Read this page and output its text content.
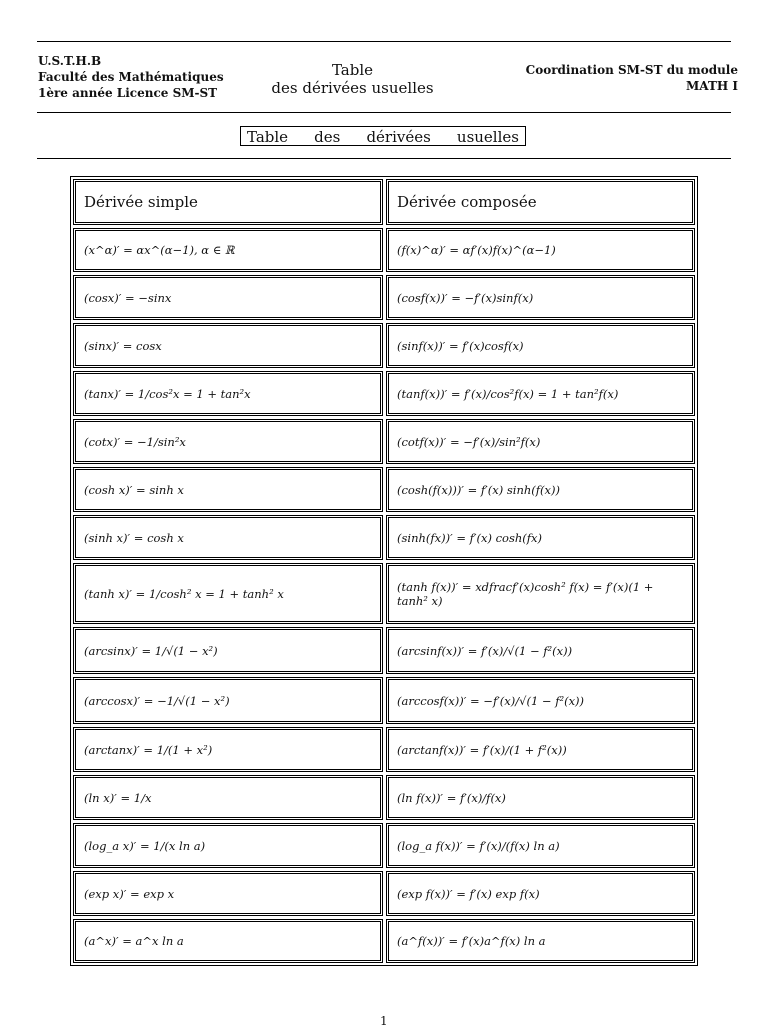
U.S.T.H.B
Faculté des Mathématiques
1ère année Licence SM-ST
Table
des dérivées usuelles
Coordination SM-ST du module
MATH I
Table des dérivées usuelles
Dérivée simple	Dérivée composée
(x^α)′ = αx^(α−1), α ∈ ℝ	(f(x)^α)′ = αf′(x)f(x)^(α−1)
(cosx)′ = −sinx	(cosf(x))′ = −f′(x)sinf(x)
(sinx)′ = cosx	(sinf(x))′ = f′(x)cosf(x)
(tanx)′ = 1/cos²x = 1 + tan²x	(tanf(x))′ = f′(x)/cos²f(x) = 1 + tan²f(x)
(cotx)′ = −1/sin²x	(cotf(x))′ = −f′(x)/sin²f(x)
(cosh x)′ = sinh x	(cosh(f(x)))′ = f′(x) sinh(f(x))
(sinh x)′ = cosh x	(sinh(fx))′ = f′(x) cosh(fx)
(tanh x)′ = 1/cosh² x = 1 + tanh² x	(tanh f(x))′ = xdfracf′(x)cosh² f(x) = f′(x)(1 + tanh² x)
(arcsinx)′ = 1/√(1 − x²)	(arcsinf(x))′ = f′(x)/√(1 − f²(x))
(arccosx)′ = −1/√(1 − x²)	(arccosf(x))′ = −f′(x)/√(1 − f²(x))
(arctanx)′ = 1/(1 + x²)	(arctanf(x))′ = f′(x)/(1 + f²(x))
(ln x)′ = 1/x	(ln f(x))′ = f′(x)/f(x)
(log_a x)′ = 1/(x ln a)	(log_a f(x))′ = f′(x)/(f(x) ln a)
(exp x)′ = exp x	(exp f(x))′ = f′(x) exp f(x)
(a^x)′ = a^x ln a	(a^f(x))′ = f′(x)a^f(x) ln a
1
